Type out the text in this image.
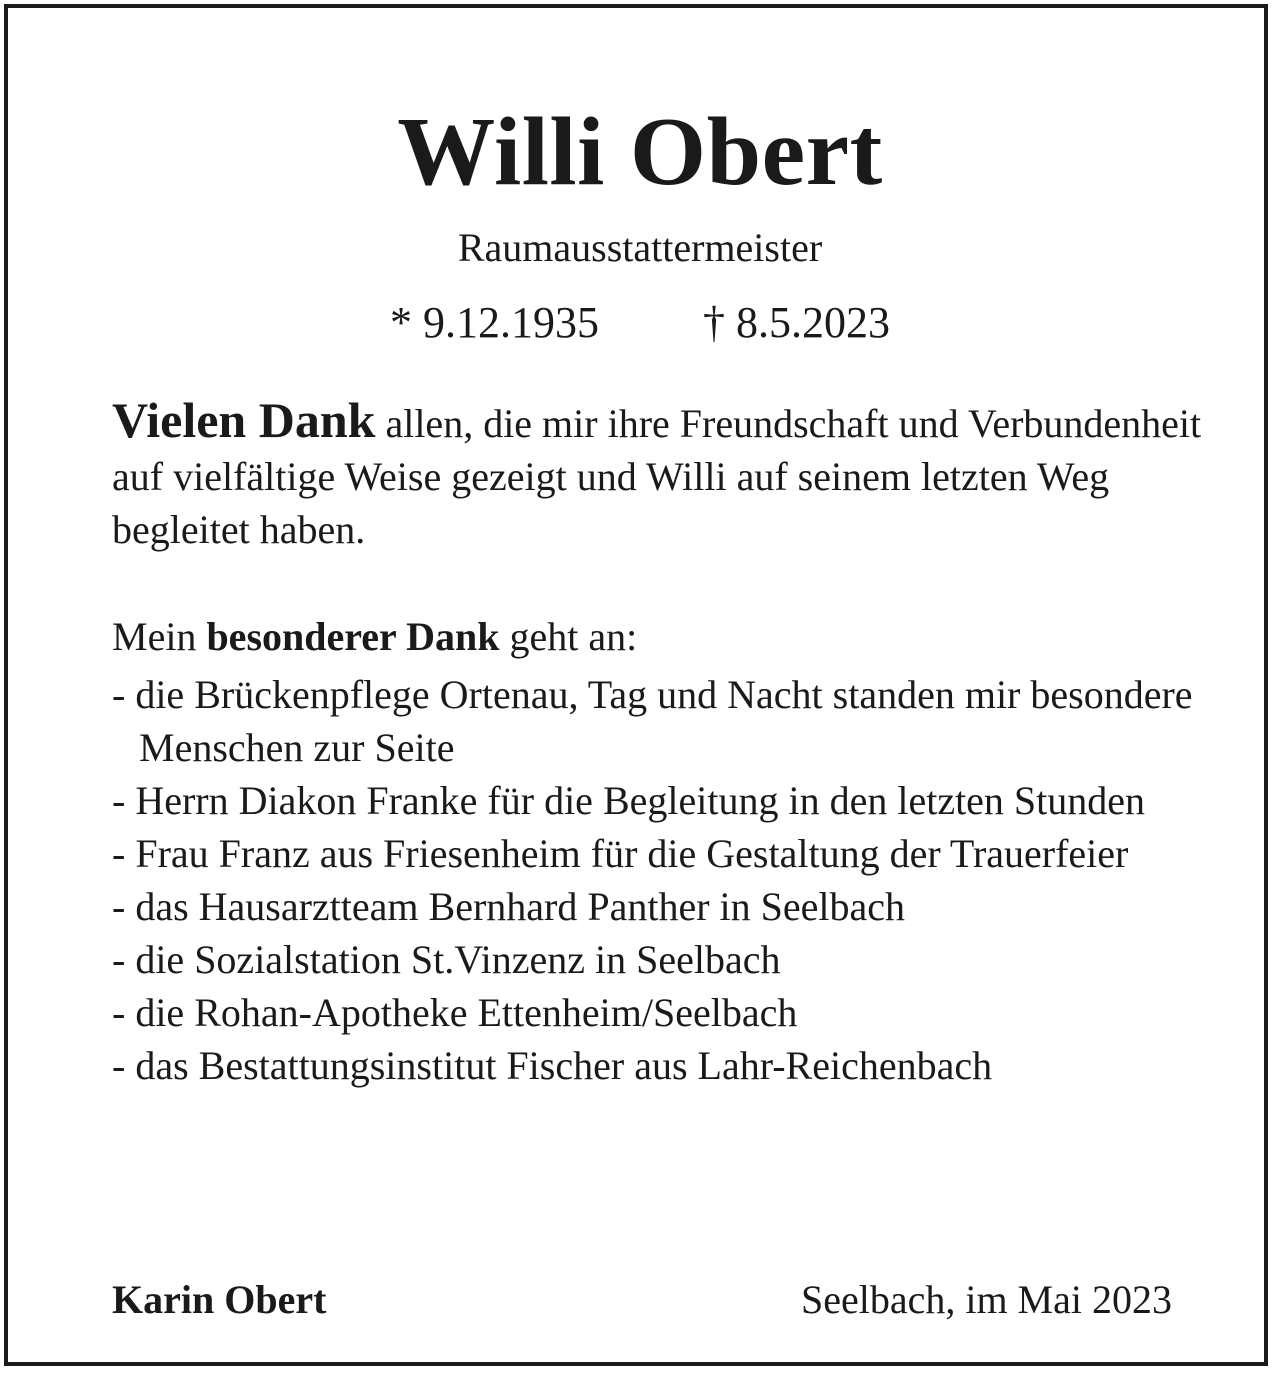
Willi Obert
Raumausstattermeister
* 9.12.1935 † 8.5.2023
Vielen Dank allen, die mir ihre Freundschaft und Verbundenheit auf vielfältige Weise gezeigt und Willi auf seinem letzten Weg begleitet haben.
Mein besonderer Dank geht an:
- die Brückenpflege Ortenau, Tag und Nacht standen mir besondere Menschen zur Seite
- Herrn Diakon Franke für die Begleitung in den letzten Stunden
- Frau Franz aus Friesenheim für die Gestaltung der Trauerfeier
- das Hausarztteam Bernhard Panther in Seelbach
- die Sozialstation St.Vinzenz in Seelbach
- die Rohan-Apotheke Ettenheim/Seelbach
- das Bestattungsinstitut Fischer aus Lahr-Reichenbach
Karin Obert	Seelbach, im Mai 2023
